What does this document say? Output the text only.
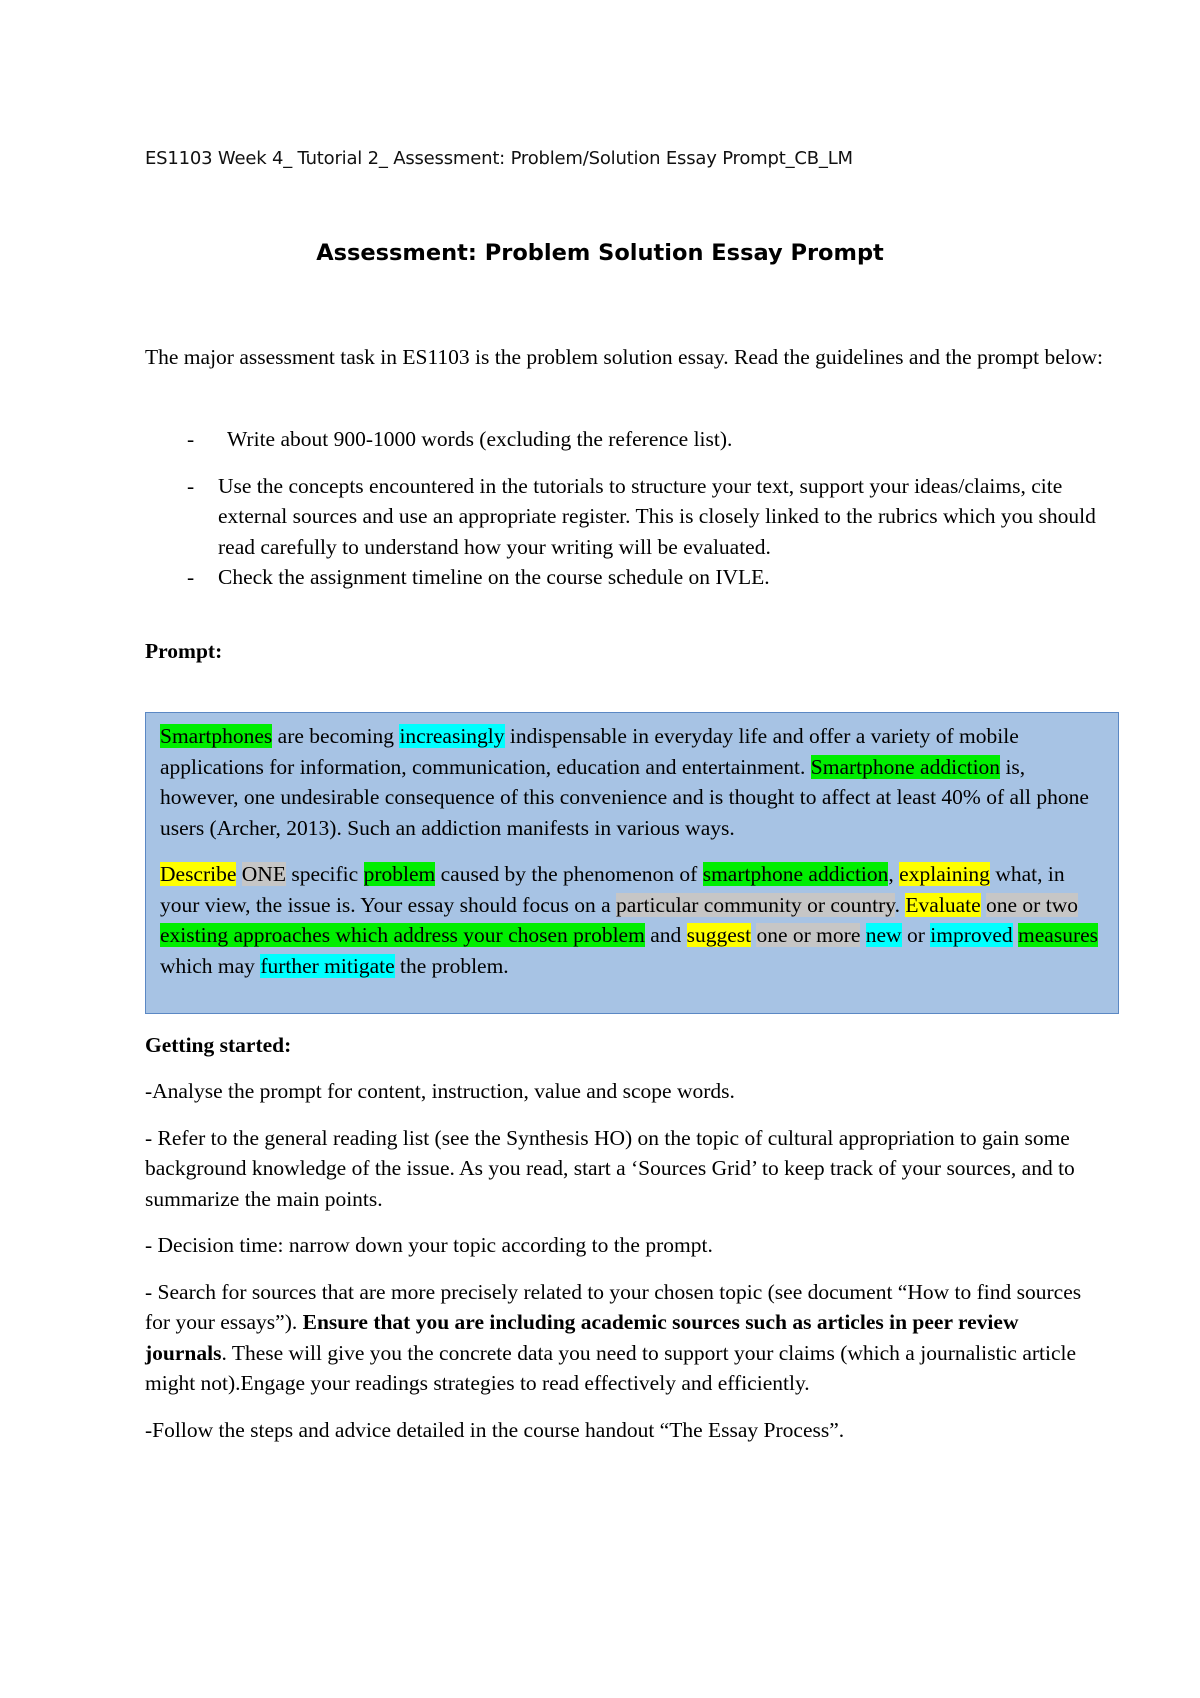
ES1103 Week 4_ Tutorial 2_ Assessment: Problem/Solution Essay Prompt_CB_LM
Assessment: Problem Solution Essay Prompt
The major assessment task in ES1103 is the problem solution essay. Read the guidelines and the prompt below:
- Write about 900-1000 words (excluding the reference list).
- Use the concepts encountered in the tutorials to structure your text, support your ideas/claims, cite external sources and use an appropriate register. This is closely linked to the rubrics which you should read carefully to understand how your writing will be evaluated.
- Check the assignment timeline on the course schedule on IVLE.
Prompt:

Smartphones are becoming increasingly indispensable in everyday life and offer a variety of mobile applications for information, communication, education and entertainment. Smartphone addiction is, however, one undesirable consequence of this convenience and is thought to affect at least 40% of all phone users (Archer, 2013). Such an addiction manifests in various ways.

Describe ONE specific problem caused by the phenomenon of smartphone addiction, explaining what, in your view, the issue is. Your essay should focus on a particular community or country. Evaluate one or two existing approaches which address your chosen problem and suggest one or more new or improved measures which may further mitigate the problem.

Getting started:

-Analyse the prompt for content, instruction, value and scope words.

- Refer to the general reading list (see the Synthesis HO) on the topic of cultural appropriation to gain some background knowledge of the issue. As you read, start a ‘Sources Grid’ to keep track of your sources, and to summarize the main points.

- Decision time: narrow down your topic according to the prompt.

- Search for sources that are more precisely related to your chosen topic (see document “How to find sources for your essays”). Ensure that you are including academic sources such as articles in peer review journals. These will give you the concrete data you need to support your claims (which a journalistic article might not).Engage your readings strategies to read effectively and efficiently.

-Follow the steps and advice detailed in the course handout “The Essay Process”.
